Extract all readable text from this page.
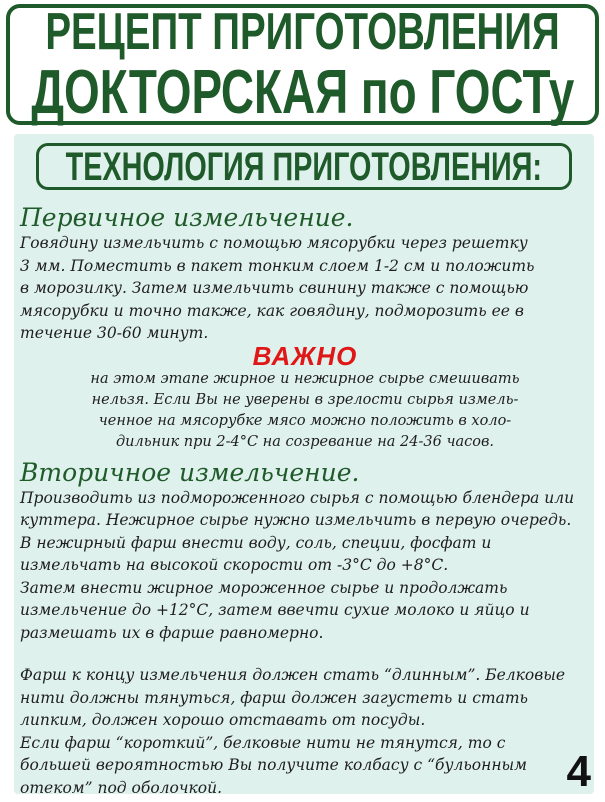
РЕЦЕПТ ПРИГОТОВЛЕНИЯ
ДОКТОРСКАЯ по ГОСТу
ТЕХНОЛОГИЯ ПРИГОТОВЛЕНИЯ:
Первичное измельчение.
Говядину измельчить с помощью мясорубки через решетку
3 мм. Поместить в пакет тонким слоем 1-2 см и положить
в морозилку. Затем измельчить свинину также с помощью
мясорубки и точно также, как говядину, подморозить ее в
течение 30-60 минут.
ВАЖНО
на этом этапе жирное и нежирное сырье смешивать
нельзя. Если Вы не уверены в зрелости сырья измель-
ченное на мясорубке мясо можно положить в холо-
дильник при 2-4°С на созревание на 24-36 часов.
Вторичное измельчение.
Производить из подмороженного сырья с помощью блендера или
куттера. Нежирное сырье нужно измельчить в первую очередь.
В нежирный фарш внести воду, соль, специи, фосфат и
измельчать на высокой скорости от -3°С до +8°С.
Затем внести жирное мороженное сырье и продолжать
измельчение до +12°С, затем ввечти сухие молоко и яйцо и
размешать их в фарше равномерно.
Фарш к концу измельчения должен стать “длинным”. Белковые
нити должны тянуться, фарш должен загустеть и стать
липким, должен хорошо отставать от посуды.
Если фарш “короткий”, белковые нити не тянутся, то с
большей вероятностью Вы получите колбасу с “бульонным
отеком” под оболочкой.	4
